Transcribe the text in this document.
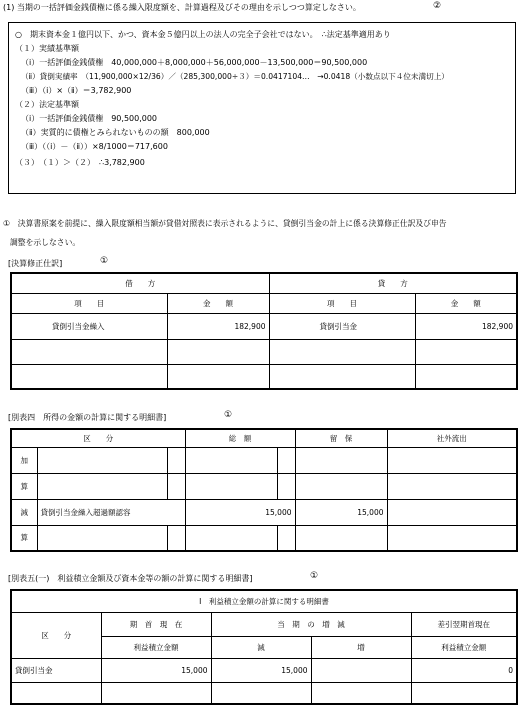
(1) 当期の一括評価金銭債権に係る繰入限度額を、計算過程及びその理由を示しつつ算定しなさい。	②
○　期末資本金１億円以下、かつ、資本金５億円以上の法人の完全子会社ではない。　∴法定基準適用あり
（１）実績基準額
（ⅰ）一括評価金銭債権　40,000,000＋8,000,000＋56,000,000－13,500,000＝90,500,000
（ⅱ）貸倒実績率　（11,900,000×12/36）／（285,300,000÷３）＝0.0417104…　→0.0418（小数点以下４位未満切上）
（ⅲ）（ⅰ）×（ⅱ）＝3,782,900
（２）法定基準額
（ⅰ）一括評価金銭債権　90,500,000
（ⅱ）実質的に債権とみられないものの額　800,000
（ⅲ）（（ⅰ）－（ⅱ））×8/1000＝717,600
（３）　（１）＞（２）　∴3,782,900
①　決算書原案を前提に、繰入限度額相当額が貸借対照表に表示されるように、貸倒引当金の計上に係る決算修正仕訳及び申告
調整を示しなさい。
[決算修正仕訳]	①
借　　方		貸　　方	
項　　目	金　　額	項　　目	金　　額
貸倒引当金繰入	182,900	貸倒引当金	182,900

[別表四　所得の金額の計算に関する明細書]	①
区　　分			総　額		留　保	社外流出
加						
算						
減	貸倒引当金繰入超過額認容		15,000		15,000	
算						
[別表五(一)　利益積立金額及び資本金等の額の計算に関する明細書]	①
Ⅰ　利益積立金額の計算に関する明細書				
区　　分	期　首　現　在	当　期　の　増　減		差引翌期首現在
	利益積立金額	減	増	利益積立金額
貸倒引当金	15,000	15,000		0
